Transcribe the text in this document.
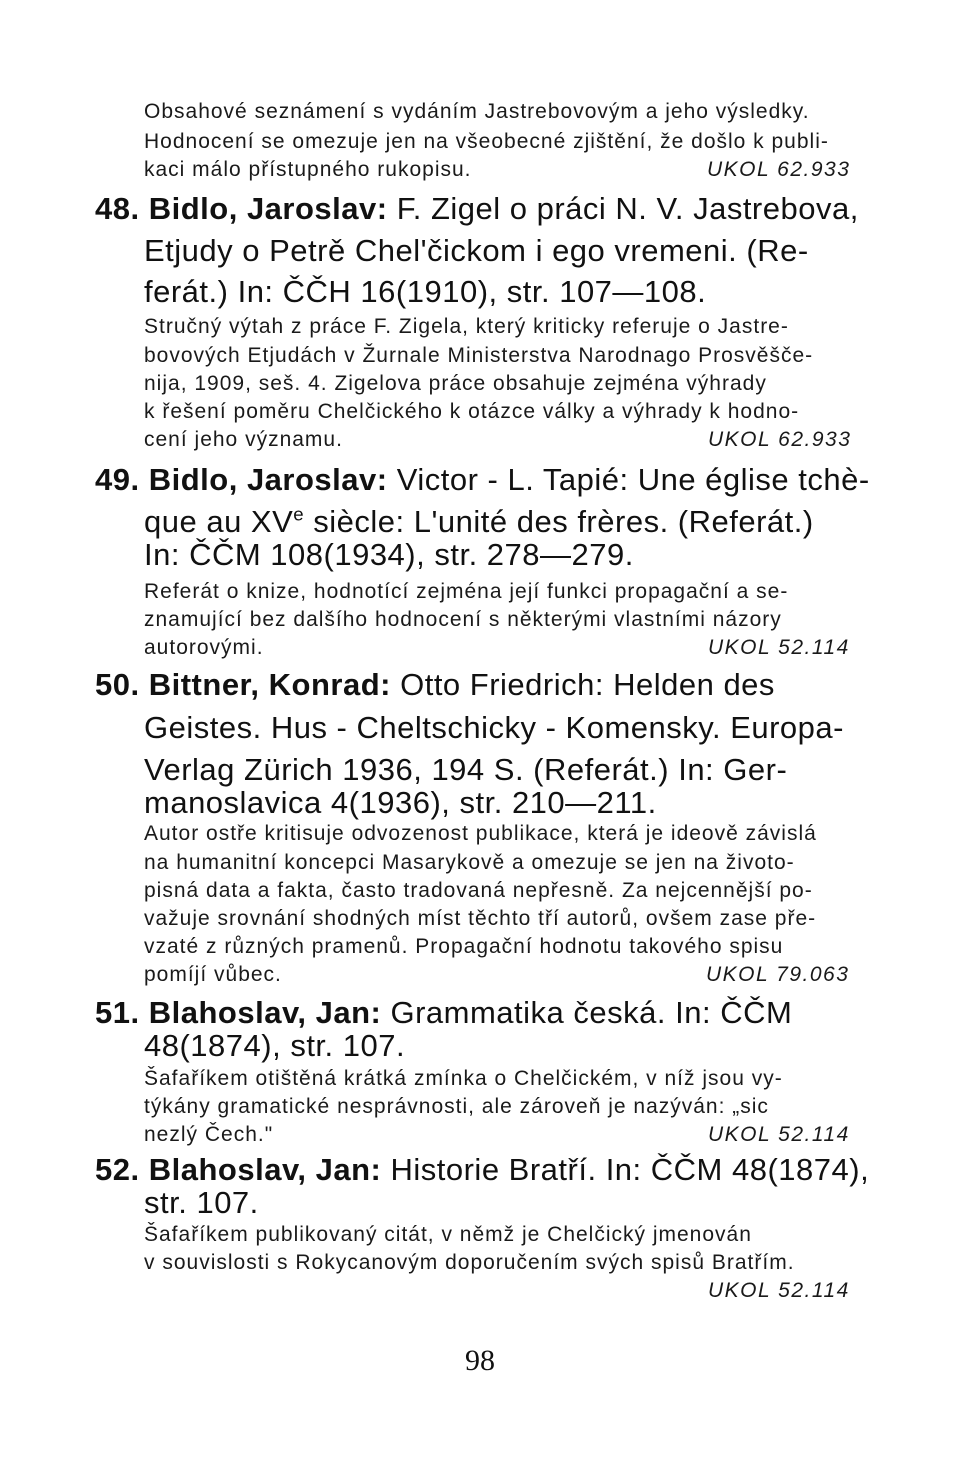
Obsahové seznámení s vydáním Jastrebovovým a jeho výsledky.
Hodnocení se omezuje jen na všeobecné zjištění, že došlo k publi-
kaci málo přístupného rukopisu.	UKOL 62.933
48. Bidlo, Jaroslav: F. Zigel o práci N. V. Jastrebova,
Etjudy o Petrě Chel'čickom i ego vremeni. (Re-
ferát.) In: ČČH 16(1910), str. 107—108.
Stručný výtah z práce F. Zigela, který kriticky referuje o Jastre-
bovových Etjudách v Žurnale Ministerstva Narodnago Prosvěšče-
nija, 1909, seš. 4. Zigelova práce obsahuje zejména výhrady
k řešení poměru Chelčického k otázce války a výhrady k hodno-
cení jeho významu.	UKOL 62.933
49. Bidlo, Jaroslav: Victor - L. Tapié: Une église tchè-
que au XVe siècle: L'unité des frères. (Referát.)
In: ČČM 108(1934), str. 278—279.
Referát o knize, hodnotící zejména její funkci propagační a se-
znamující bez dalšího hodnocení s některými vlastními názory
autorovými.	UKOL 52.114
50. Bittner, Konrad: Otto Friedrich: Helden des
Geistes. Hus - Cheltschicky - Komensky. Europa-
Verlag Zürich 1936, 194 S. (Referát.) In: Ger-
manoslavica 4(1936), str. 210—211.
Autor ostře kritisuje odvozenost publikace, která je ideově závislá
na humanitní koncepci Masarykově a omezuje se jen na životo-
pisná data a fakta, často tradovaná nepřesně. Za nejcennější po-
važuje srovnání shodných míst těchto tří autorů, ovšem zase pře-
vzaté z různých pramenů. Propagační hodnotu takového spisu
pomíjí vůbec.	UKOL 79.063
51. Blahoslav, Jan: Grammatika česká. In: ČČM
48(1874), str. 107.
Šafaříkem otištěná krátká zmínka o Chelčickém, v níž jsou vy-
týkány gramatické nesprávnosti, ale zároveň je nazýván: „sic
nezlý Čech."	UKOL 52.114
52. Blahoslav, Jan: Historie Bratří. In: ČČM 48(1874),
str. 107.
Šafaříkem publikovaný citát, v němž je Chelčický jmenován
v souvislosti s Rokycanovým doporučením svých spisů Bratřím.
UKOL 52.114
98
